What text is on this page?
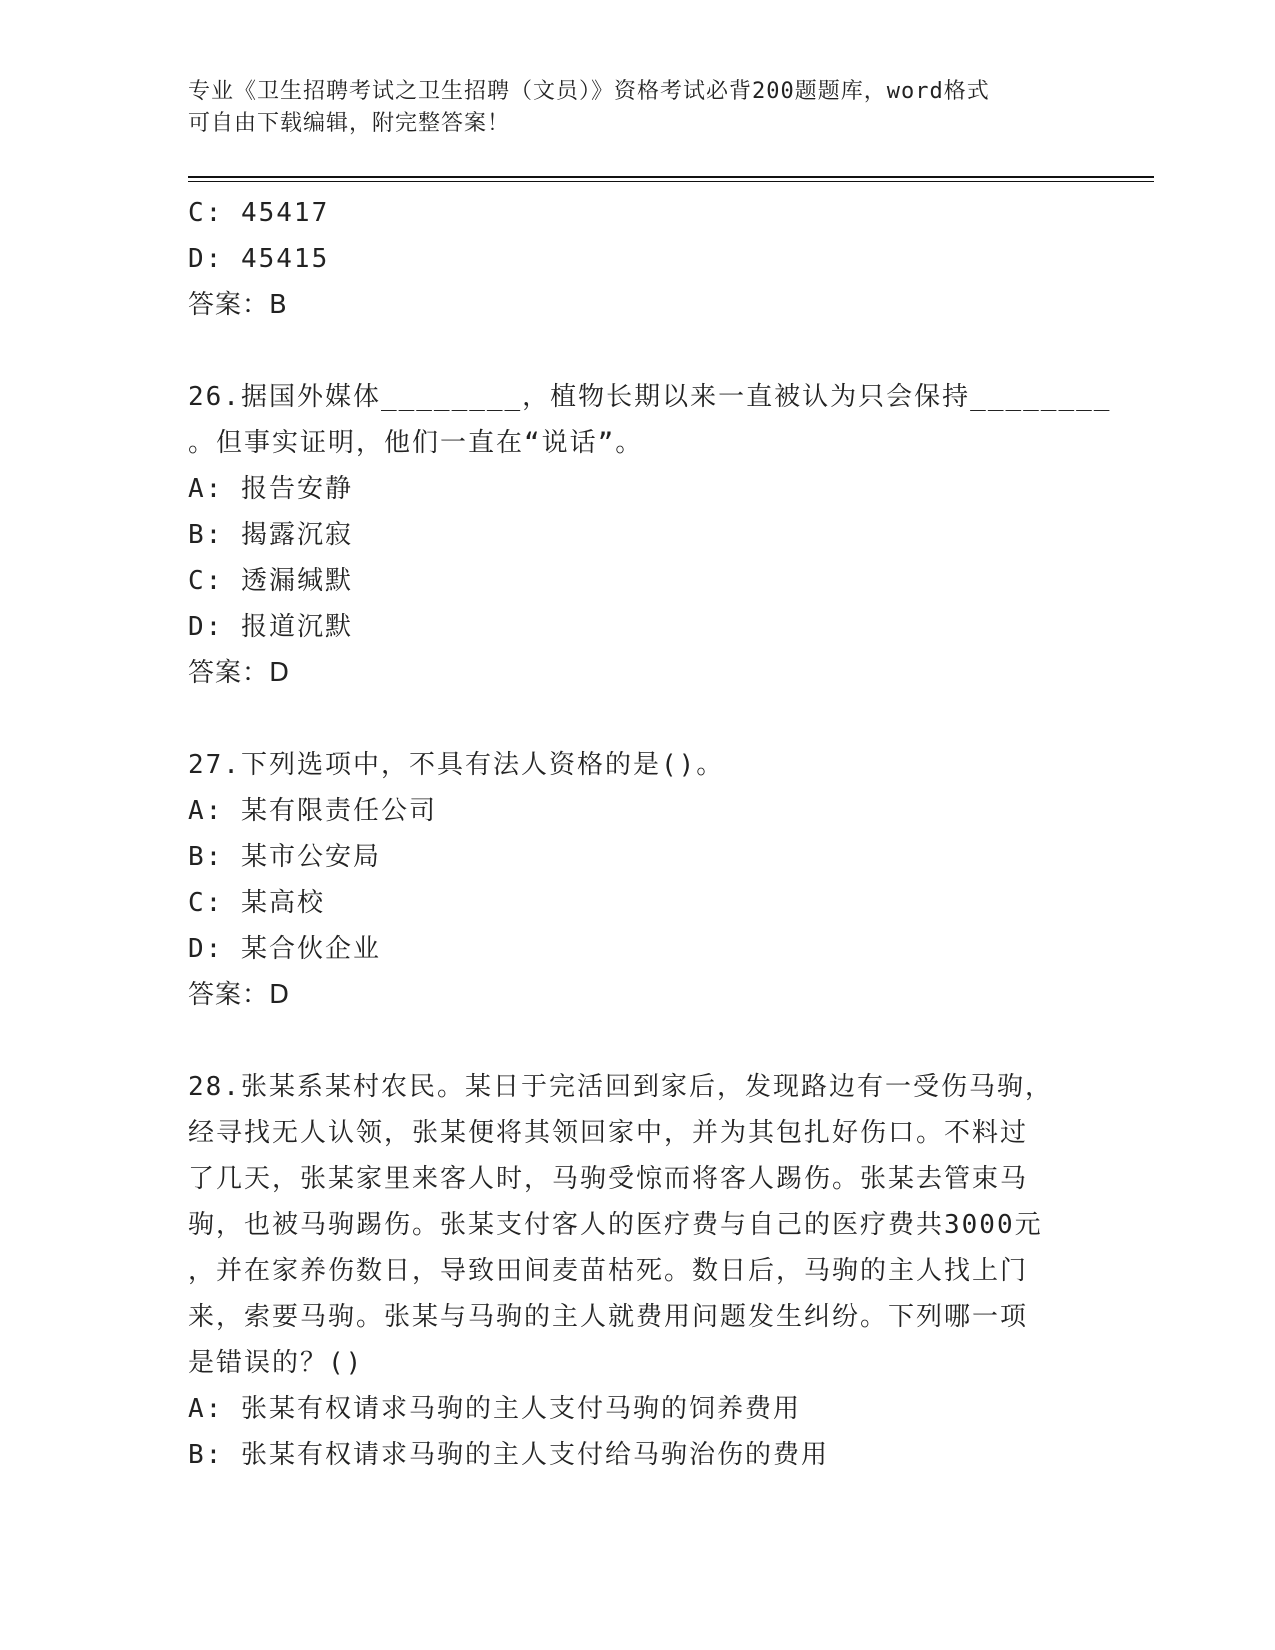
专业《卫生招聘考试之卫生招聘（文员）》资格考试必背200题题库，word格式
可自由下载编辑，附完整答案！

C: 45417

D: 45415

答案：B

26.据国外媒体________，植物长期以来一直被认为只会保持________

。但事实证明，他们一直在“说话”。

A: 报告安静

B: 揭露沉寂

C: 透漏缄默

D: 报道沉默

答案：D

27.下列选项中，不具有法人资格的是()。

A: 某有限责任公司

B: 某市公安局

C: 某高校

D: 某合伙企业

答案：D

28.张某系某村农民。某日于完活回到家后，发现路边有一受伤马驹，

经寻找无人认领，张某便将其领回家中，并为其包扎好伤口。不料过

了几天，张某家里来客人时，马驹受惊而将客人踢伤。张某去管束马

驹，也被马驹踢伤。张某支付客人的医疗费与自己的医疗费共3000元

，并在家养伤数日，导致田间麦苗枯死。数日后，马驹的主人找上门

来，索要马驹。张某与马驹的主人就费用问题发生纠纷。下列哪一项

是错误的？()

A: 张某有权请求马驹的主人支付马驹的饲养费用

B: 张某有权请求马驹的主人支付给马驹治伤的费用
